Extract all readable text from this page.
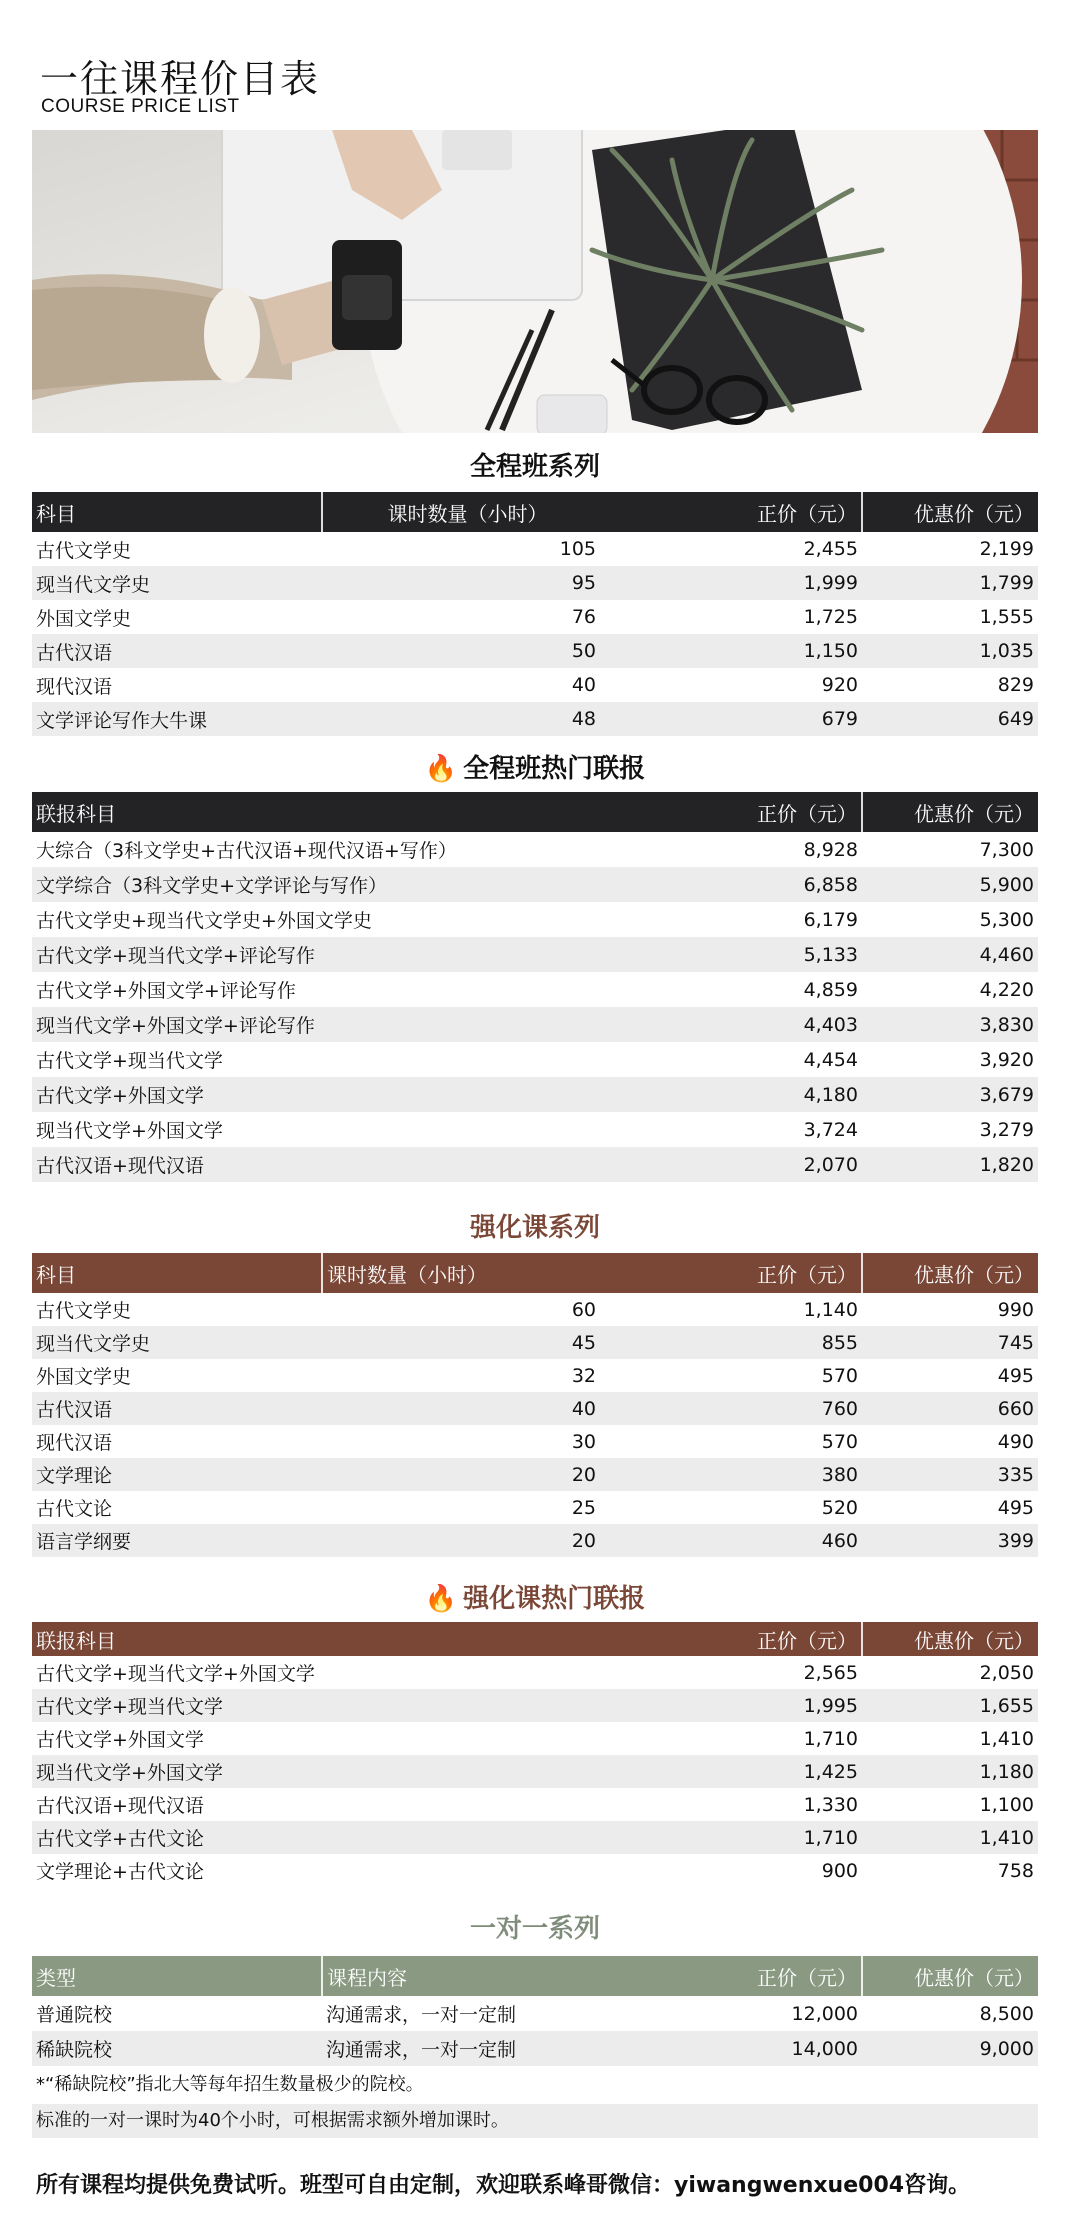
一往课程价目表
COURSE PRICE LIST
全程班系列
科目	课时数量（小时）	正价（元）	优惠价（元）
古代文学史	105	2,455	2,199
现当代文学史	95	1,999	1,799
外国文学史	76	1,725	1,555
古代汉语	50	1,150	1,035
现代汉语	40	920	829
文学评论写作大牛课	48	679	649
🔥 全程班热门联报
联报科目	正价（元）	优惠价（元）
大综合（3科文学史+古代汉语+现代汉语+写作）	8,928	7,300
文学综合（3科文学史+文学评论与写作）	6,858	5,900
古代文学史+现当代文学史+外国文学史	6,179	5,300
古代文学+现当代文学+评论写作	5,133	4,460
古代文学+外国文学+评论写作	4,859	4,220
现当代文学+外国文学+评论写作	4,403	3,830
古代文学+现当代文学	4,454	3,920
古代文学+外国文学	4,180	3,679
现当代文学+外国文学	3,724	3,279
古代汉语+现代汉语	2,070	1,820
强化课系列
科目	课时数量（小时）	正价（元）	优惠价（元）
古代文学史	60	1,140	990
现当代文学史	45	855	745
外国文学史	32	570	495
古代汉语	40	760	660
现代汉语	30	570	490
文学理论	20	380	335
古代文论	25	520	495
语言学纲要	20	460	399
🔥 强化课热门联报
联报科目	正价（元）	优惠价（元）
古代文学+现当代文学+外国文学	2,565	2,050
古代文学+现当代文学	1,995	1,655
古代文学+外国文学	1,710	1,410
现当代文学+外国文学	1,425	1,180
古代汉语+现代汉语	1,330	1,100
古代文学+古代文论	1,710	1,410
文学理论+古代文论	900	758
一对一系列
类型	课程内容	正价（元）	优惠价（元）
普通院校	沟通需求，一对一定制	12,000	8,500
稀缺院校	沟通需求，一对一定制	14,000	9,000
*“稀缺院校”指北大等每年招生数量极少的院校。
标准的一对一课时为40个小时，可根据需求额外增加课时。
所有课程均提供免费试听。班型可自由定制，欢迎联系峰哥微信：yiwangwenxue004咨询。
